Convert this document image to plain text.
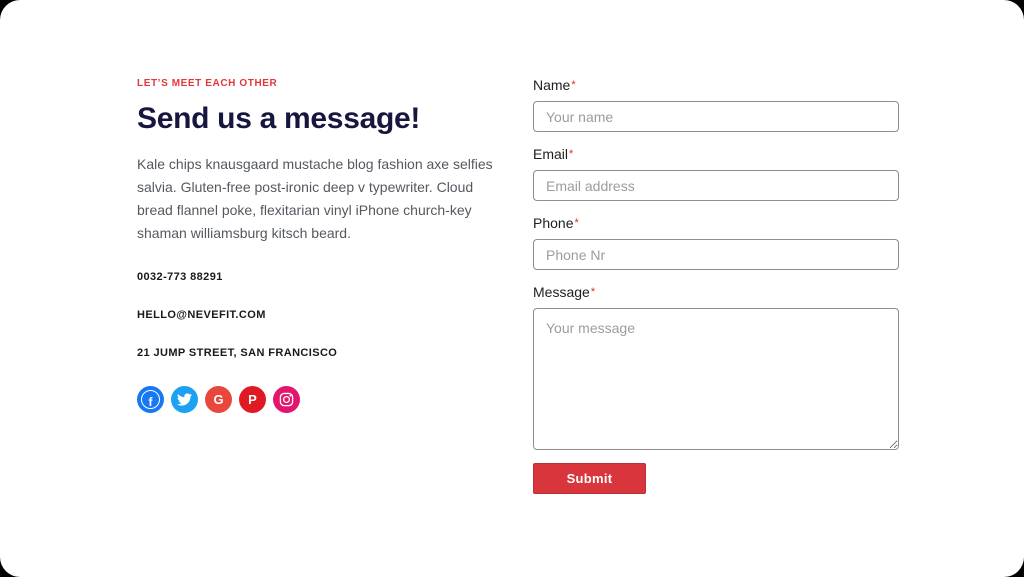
LET’S MEET EACH OTHER
Send us a message!

Kale chips knausgaard mustache blog fashion axe selfies salvia. Gluten-free post-ironic deep v typewriter. Cloud bread flannel poke, flexitarian vinyl iPhone church-key shaman williamsburg kitsch beard.

0032-773 88291
HELLO@NEVEFIT.COM
21 JUMP STREET, SAN FRANCISCO
f	G P
Name*
Your name
Email*
Email address
Phone*
Phone Nr
Message*
Your message Submit
